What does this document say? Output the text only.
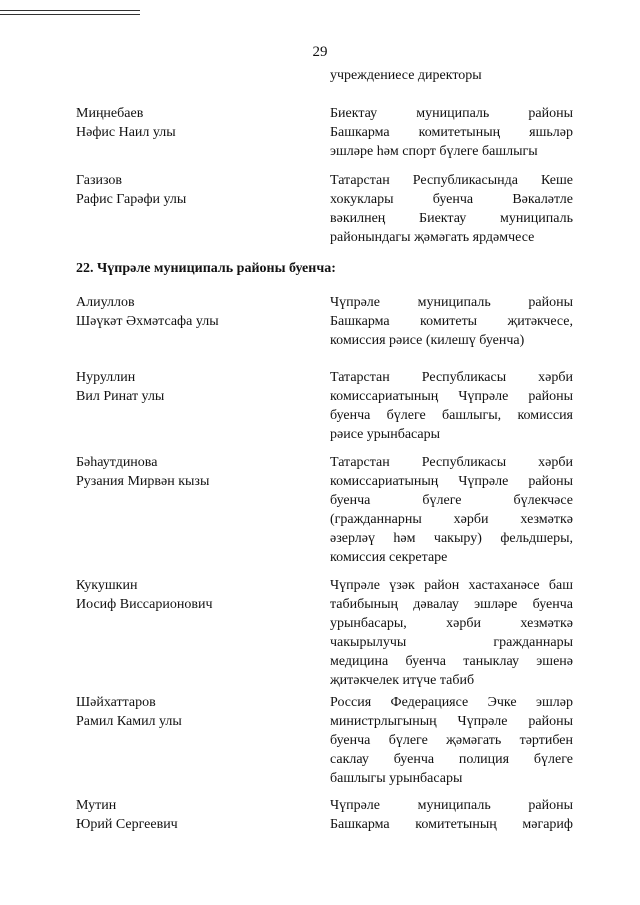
29
учреждениесе директоры
22. Чүпрәле муниципаль районы буенча:
Миңнебаев
Нәфис Наил улы
Биектау муниципаль районы
Башкарма комитетының яшьләр
эшләре һәм спорт бүлеге башлыгы
Газизов
Рафис Гарәфи улы
Татарстан Республикасында Кеше
хокуклары буенча Вәкаләтле
вәкилнең Биектау муниципаль
районындагы җәмәгать ярдәмчесе
Алиуллов
Шәүкәт Әхмәтсафа улы
Чүпрәле муниципаль районы
Башкарма комитеты җитәкчесе,
комиссия рәисе (килешү буенча)
Нуруллин
Вил Ринат улы
Татарстан Республикасы хәрби
комиссариатының Чүпрәле районы
буенча бүлеге башлыгы, комиссия
рәисе урынбасары
Бәһаутдинова
Рузания Мирвән кызы
Татарстан Республикасы хәрби
комиссариатының Чүпрәле районы
буенча бүлеге бүлекчәсе
(гражданнарны хәрби хезмәткә
әзерләү һәм чакыру) фельдшеры,
комиссия секретаре
Кукушкин
Иосиф Виссарионович
Чүпрәле үзәк район хастаханәсе баш
табибының дәвалау эшләре буенча
урынбасары, хәрби хезмәткә
чакырылучы гражданнары
медицина буенча таныклау эшенә
җитәкчелек итүче табиб
Шәйхаттаров
Рамил Камил улы
Россия Федерациясе Эчке эшләр
министрлыгының Чүпрәле районы
буенча бүлеге җәмәгать тәртибен
саклау буенча полиция бүлеге
башлыгы урынбасары
Мутин
Юрий Сергеевич
Чүпрәле муниципаль районы
Башкарма комитетының мәгариф
